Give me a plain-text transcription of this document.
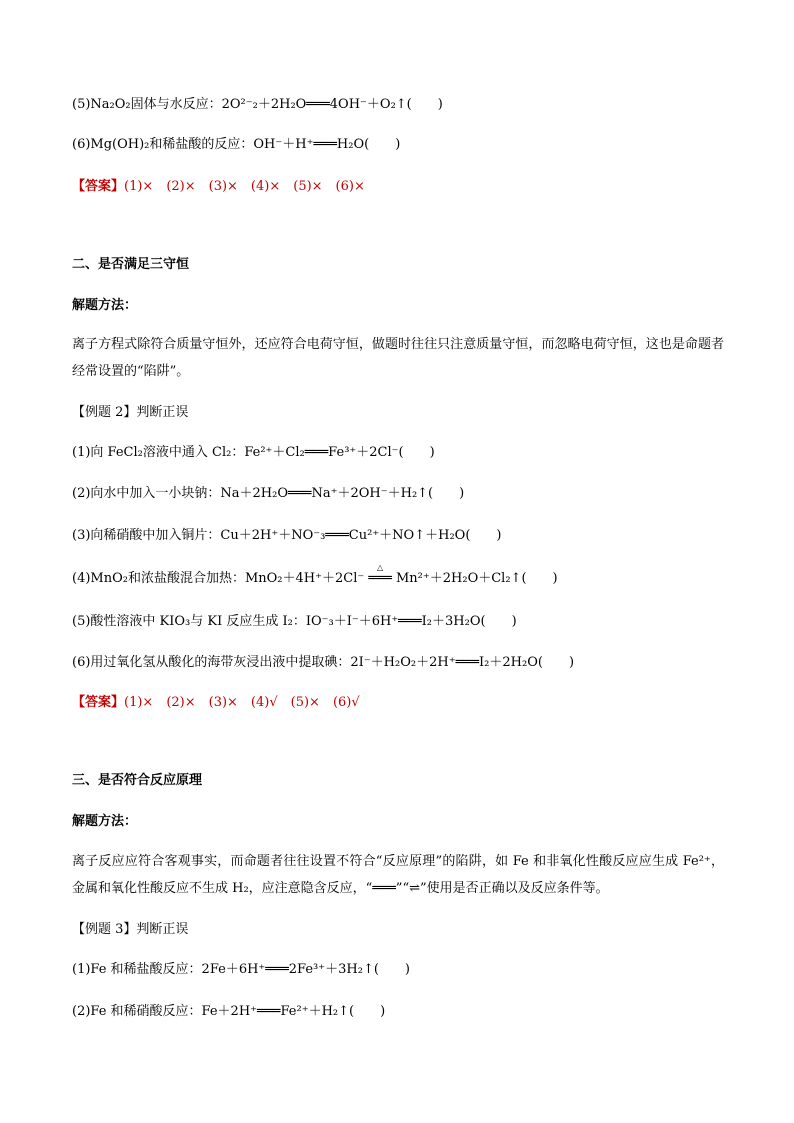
(5)Na₂O₂固体与水反应：2O²⁻₂＋2H₂O═══4OH⁻＋O₂↑(　　)
(6)Mg(OH)₂和稀盐酸的反应：OH⁻＋H⁺═══H₂O(　　)
【答案】(1)×　(2)×　(3)×　(4)×　(5)×　(6)×
二、是否满足三守恒
解题方法：
离子方程式除符合质量守恒外，还应符合电荷守恒，做题时往往只注意质量守恒，而忽略电荷守恒，这也是命题者经常设置的“陷阱”。
【例题 2】判断正误
(1)向 FeCl₂溶液中通入 Cl₂：Fe²⁺＋Cl₂═══Fe³⁺＋2Cl⁻(　　)
(2)向水中加入一小块钠：Na＋2H₂O═══Na⁺＋2OH⁻＋H₂↑(　　)
(3)向稀硝酸中加入铜片：Cu＋2H⁺＋NO⁻₃═══Cu²⁺＋NO↑＋H₂O(　　)
(4)MnO₂和浓盐酸混合加热：MnO₂＋4H⁺＋2Cl⁻
△
═══ Mn²⁺＋2H₂O＋Cl₂↑(　　)
(5)酸性溶液中 KIO₃与 KI 反应生成 I₂：IO⁻₃＋I⁻＋6H⁺═══I₂＋3H₂O(　　)
(6)用过氧化氢从酸化的海带灰浸出液中提取碘：2I⁻＋H₂O₂＋2H⁺═══I₂＋2H₂O(　　)
【答案】(1)×　(2)×　(3)×　(4)√　(5)×　(6)√
三、是否符合反应原理
解题方法：
离子反应应符合客观事实，而命题者往往设置不符合“反应原理”的陷阱，如 Fe 和非氧化性酸反应应生成 Fe²⁺，金属和氧化性酸反应不生成 H₂，应注意隐含反应，“═══”“⇌”使用是否正确以及反应条件等。
【例题 3】判断正误
(1)Fe 和稀盐酸反应：2Fe＋6H⁺═══2Fe³⁺＋3H₂↑(　　)
(2)Fe 和稀硝酸反应：Fe＋2H⁺═══Fe²⁺＋H₂↑(　　)
